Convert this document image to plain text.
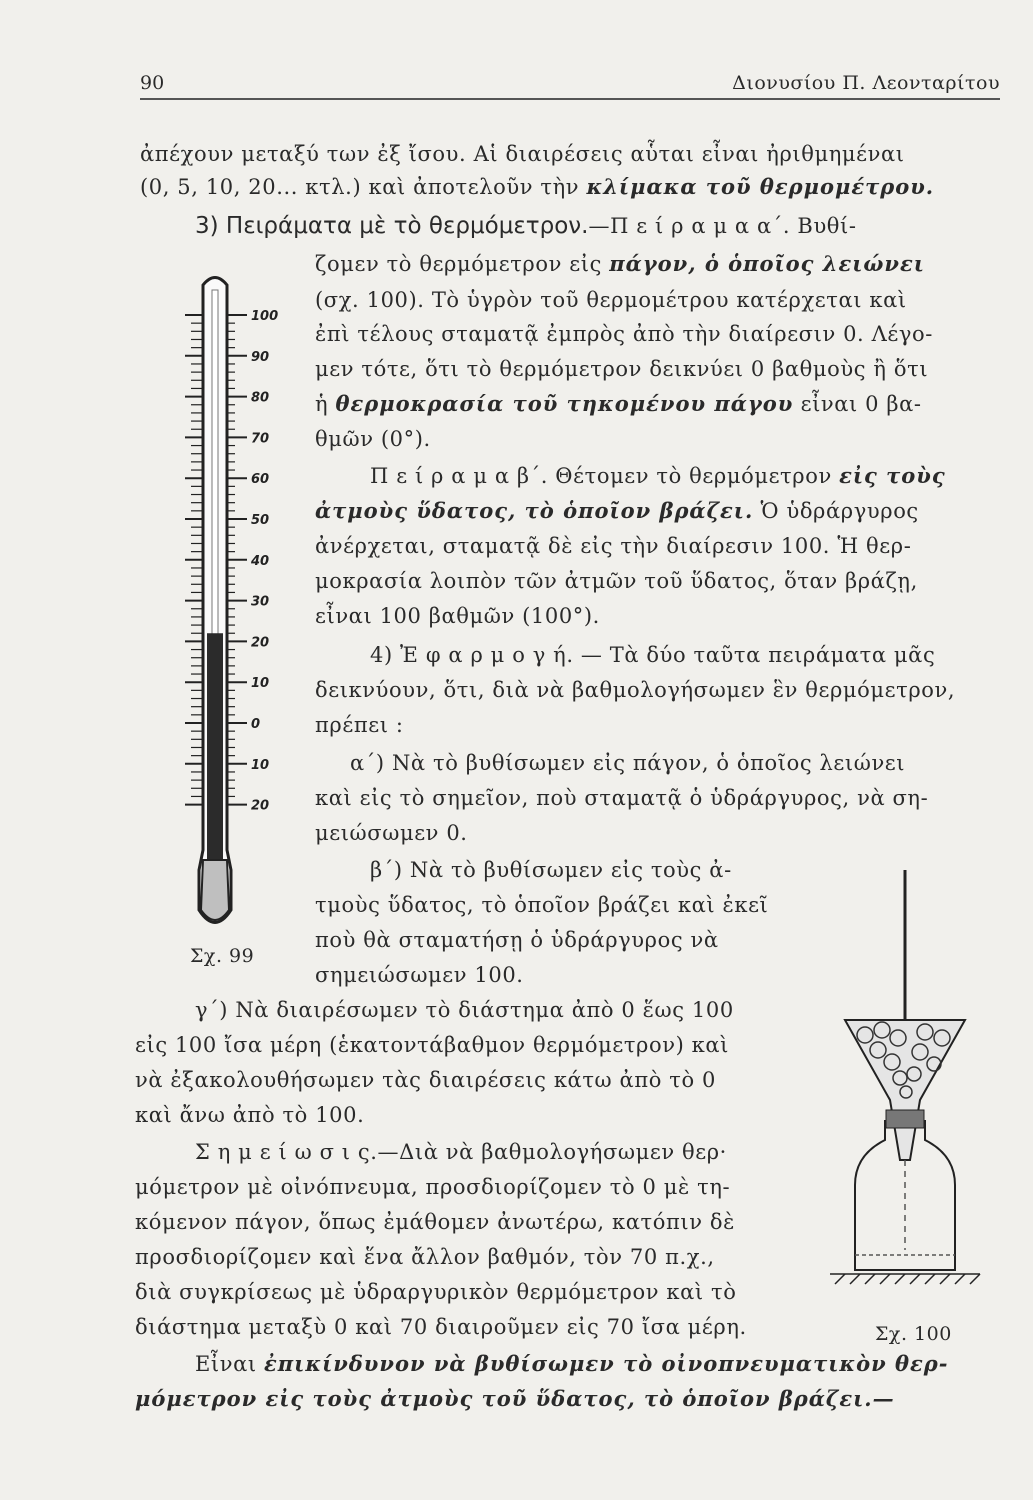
90	Διονυσίου Π. Λεονταρίτου
ἀπέχουν μεταξύ των ἐξ ἴσου. Αἱ διαιρέσεις αὗται εἶναι ἠριθμημέναι
(0, 5, 10, 20... κτλ.) καὶ ἀποτελοῦν τὴν κλίμακα τοῦ θερμομέτρου.
3) Πειράματα μὲ τὸ θερμόμετρον.—Π ε ί ρ α μ α α΄. Βυθί-
ζομεν τὸ θερμόμετρον εἰς πάγον, ὁ ὁποῖος λειώνει
(σχ. 100). Τὸ ὑγρὸν τοῦ θερμομέτρου κατέρχεται καὶ
ἐπὶ τέλους σταματᾷ ἐμπρὸς ἀπὸ τὴν διαίρεσιν 0. Λέγο-
μεν τότε, ὅτι τὸ θερμόμετρον δεικνύει 0 βαθμοὺς ἢ ὅτι
ἡ θερμοκρασία τοῦ τηκομένου πάγου εἶναι 0 βα-
θμῶν (0°).
Π ε ί ρ α μ α β΄. Θέτομεν τὸ θερμόμετρον εἰς τοὺς
ἀτμοὺς ὕδατος, τὸ ὁποῖον βράζει. Ὁ ὑδράργυρος
ἀνέρχεται, σταματᾷ δὲ εἰς τὴν διαίρεσιν 100. Ἡ θερ-
μοκρασία λοιπὸν τῶν ἀτμῶν τοῦ ὕδατος, ὅταν βράζῃ,
εἶναι 100 βαθμῶν (100°).
4) Ἐ φ α ρ μ ο γ ή. — Τὰ δύο ταῦτα πειράματα μᾶς
δεικνύουν, ὅτι, διὰ νὰ βαθμολογήσωμεν ἓν θερμόμετρον,
πρέπει :
α΄) Νὰ τὸ βυθίσωμεν εἰς πάγον, ὁ ὁποῖος λειώνει
καὶ εἰς τὸ σημεῖον, ποὺ σταματᾷ ὁ ὑδράργυρος, νὰ ση-
μειώσωμεν 0.
β΄) Νὰ τὸ βυθίσωμεν εἰς τοὺς ἀ-
τμοὺς ὕδατος, τὸ ὁποῖον βράζει καὶ ἐκεῖ
ποὺ θὰ σταματήσῃ ὁ ὑδράργυρος νὰ
σημειώσωμεν 100.
γ΄) Νὰ διαιρέσωμεν τὸ διάστημα ἀπὸ 0 ἕως 100
εἰς 100 ἴσα μέρη (ἑκατοντάβαθμον θερμόμετρον) καὶ
νὰ ἐξακολουθήσωμεν τὰς διαιρέσεις κάτω ἀπὸ τὸ 0
καὶ ἄνω ἀπὸ τὸ 100.
Σ η μ ε ί ω σ ι ς.—Διὰ νὰ βαθμολογήσωμεν θερ·
μόμετρον μὲ οἰνόπνευμα, προσδιορίζομεν τὸ 0 μὲ τη-
κόμενον πάγον, ὅπως ἐμάθομεν ἀνωτέρω, κατόπιν δὲ
προσδιορίζομεν καὶ ἕνα ἄλλον βαθμόν, τὸν 70 π.χ.,
διὰ συγκρίσεως μὲ ὑδραργυρικὸν θερμόμετρον καὶ τὸ
διάστημα μεταξὺ 0 καὶ 70 διαιροῦμεν εἰς 70 ἴσα μέρη.
Εἶναι ἐπικίνδυνον νὰ βυθίσωμεν τὸ οἰνοπνευματικὸν θερ-
μόμετρον εἰς τοὺς ἀτμοὺς τοῦ ὕδατος, τὸ ὁποῖον βράζει.—
100
90
80
70
60
50
40
30
20
10
0
10
20
Σχ. 99
Σχ. 100
